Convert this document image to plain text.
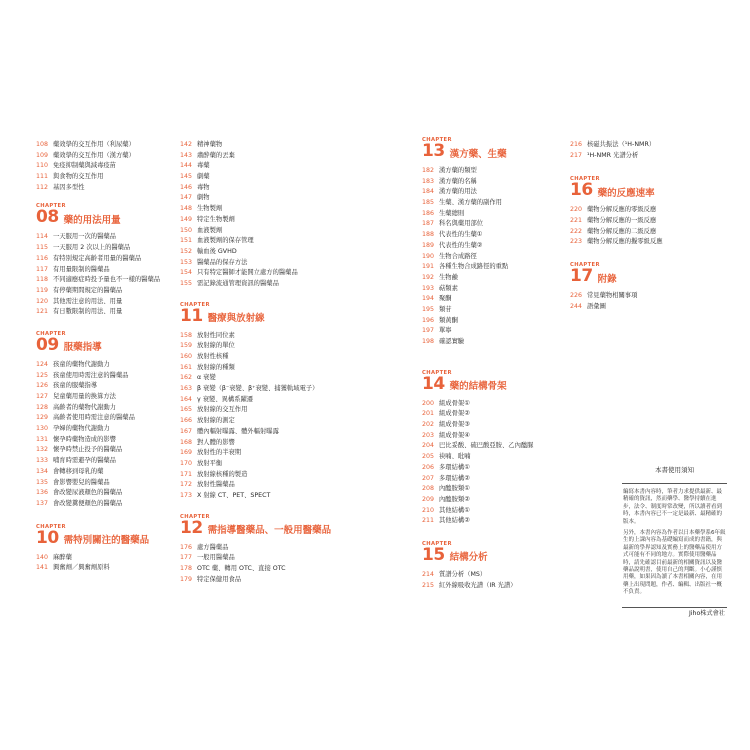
108 藥效學的交互作用（利尿藥）
109 藥效學的交互作用（漢方藥）
110 免疫抑制藥與減毒疫苗
111 與食物的交互作用
112 基因多型性
CHAPTER
08 藥的用法用量
114 一天服用一次的醫藥品
115 一天服用 2 次以上的醫藥品
116 有特別規定高齡者用量的醫藥品
117 有用量限制的醫藥品
118 不同適應症時投予量也不一樣的醫藥品
119 有停藥期間規定的醫藥品
120 其他需注意的用法、用量
121 有日數限制的用法、用量
CHAPTER
09 服藥指導
124 孩童的藥物代謝動力
125 孩童使用時需注意的醫藥品
126 孩童的服藥指導
127 兒童藥用量的換算方法
128 高齡者的藥物代謝動力
129 高齡者使用時需注意的醫藥品
130 孕婦的藥物代謝動力
131 懷孕時藥物造成的影響
132 懷孕時禁止投予的醫藥品
133 哺育時需避孕的醫藥品
134 會轉移到母乳的藥
135 會影響嬰兒的醫藥品
136 會改變尿液顏色的醫藥品
137 會改變糞便顏色的醫藥品
CHAPTER
10 需特別關注的醫藥品
140 麻醉藥
141 興奮劑／興奮劑原料
142 精神藥物
143 肅酔藥的丟棄
144 毒藥
145 劇藥
146 毒物
147 劇物
148 生物製劑
149 特定生物製劑
150 血液製劑
151 血液製劑的保存管理
152 輸血後 GVHD
153 醫藥品的保存方法
154 只有特定醫師才能開立處方的醫藥品
155 需記錄流通管理資訊的醫藥品
CHAPTER
11 醫療與放射線
158 放射性同位素
159 放射線的單位
160 放射性核種
161 放射線的種類
162 α 衰變
163 β 衰變（β⁻衰變、β⁺衰變、捕獲軌域電子）
164 γ 衰變、異構系躍遷
165 放射線的交互作用
166 放射線的測定
167 體內輻射曝露、體外輻射曝露
168 對人體的影響
169 放射性的半衰期
170 放射平衡
171 放射線核種的製造
172 放射性醫藥品
173 X 射線 CT、PET、SPECT
CHAPTER
12 需指導醫藥品、一般用醫藥品
176 處方醫藥品
177 一般用醫藥品
178 OTC 藥、轉用 OTC、直接 OTC
179 特定保健用食品
CHAPTER
13 漢方藥、生藥
182 漢方藥的類型
183 漢方藥的名稱
184 漢方藥的用法
185 生藥、漢方藥的副作用
186 生藥總則
187 科名與藥用部位
188 代表性的生藥①
189 代表性的生藥②
190 生物合成路徑
191 各種生物合成路徑的重點
192 生物鹼
193 萜類素
194 聚酮
195 類苷
196 類黃酮
197 單寧
198 確認實驗
CHAPTER
14 藥的結構骨架
200 組成骨架①
201 組成骨架②
202 組成骨架③
203 組成骨架④
204 巴比妥酸、硫巴酸亞胺、乙內醯脲
205 袂喃、吡喃
206 多環結構①
207 多環結構②
208 內醯胺類①
209 內醯胺類②
210 其他結構①
211 其他結構②
CHAPTER
15 結構分析
214 質譜分析（MS）
215 紅外線吸收光譜（IR 光譜）
216 核磁共振法（¹H-NMR）
217 ¹H-NMR 光譜分析
CHAPTER
16 藥的反應速率
220 藥物分解反應的零級反應
221 藥物分解反應的一級反應
222 藥物分解反應的二級反應
223 藥物分解反應的擬零級反應
CHAPTER
17 附錄
226 常見藥物相關事項
244 語彙圖
本書使用須知

編寫本書內容時，筆者力求提供最新、最精確的資訊，然而藥學、醫學持續在進步，法令、制度時常改變，所以讀者看到時，本書內容已不一定是最新、最精確的版本。

另外，本書內容為作者以日本藥學系6年級生的上課內容為基礎編寫而成的書籍，與最新的學界認知及實務上的醫藥品使用方式可能有不同的地方。實際使用醫藥品時，請先確認目前最新的相關資訊以及醫藥品說明書，使用自己的判斷。小心謹慎用藥，如果因為讀了本書相關內容，在用藥上出現問題，作者、編輯、出版社一概不負責。

Jiho株式會社
